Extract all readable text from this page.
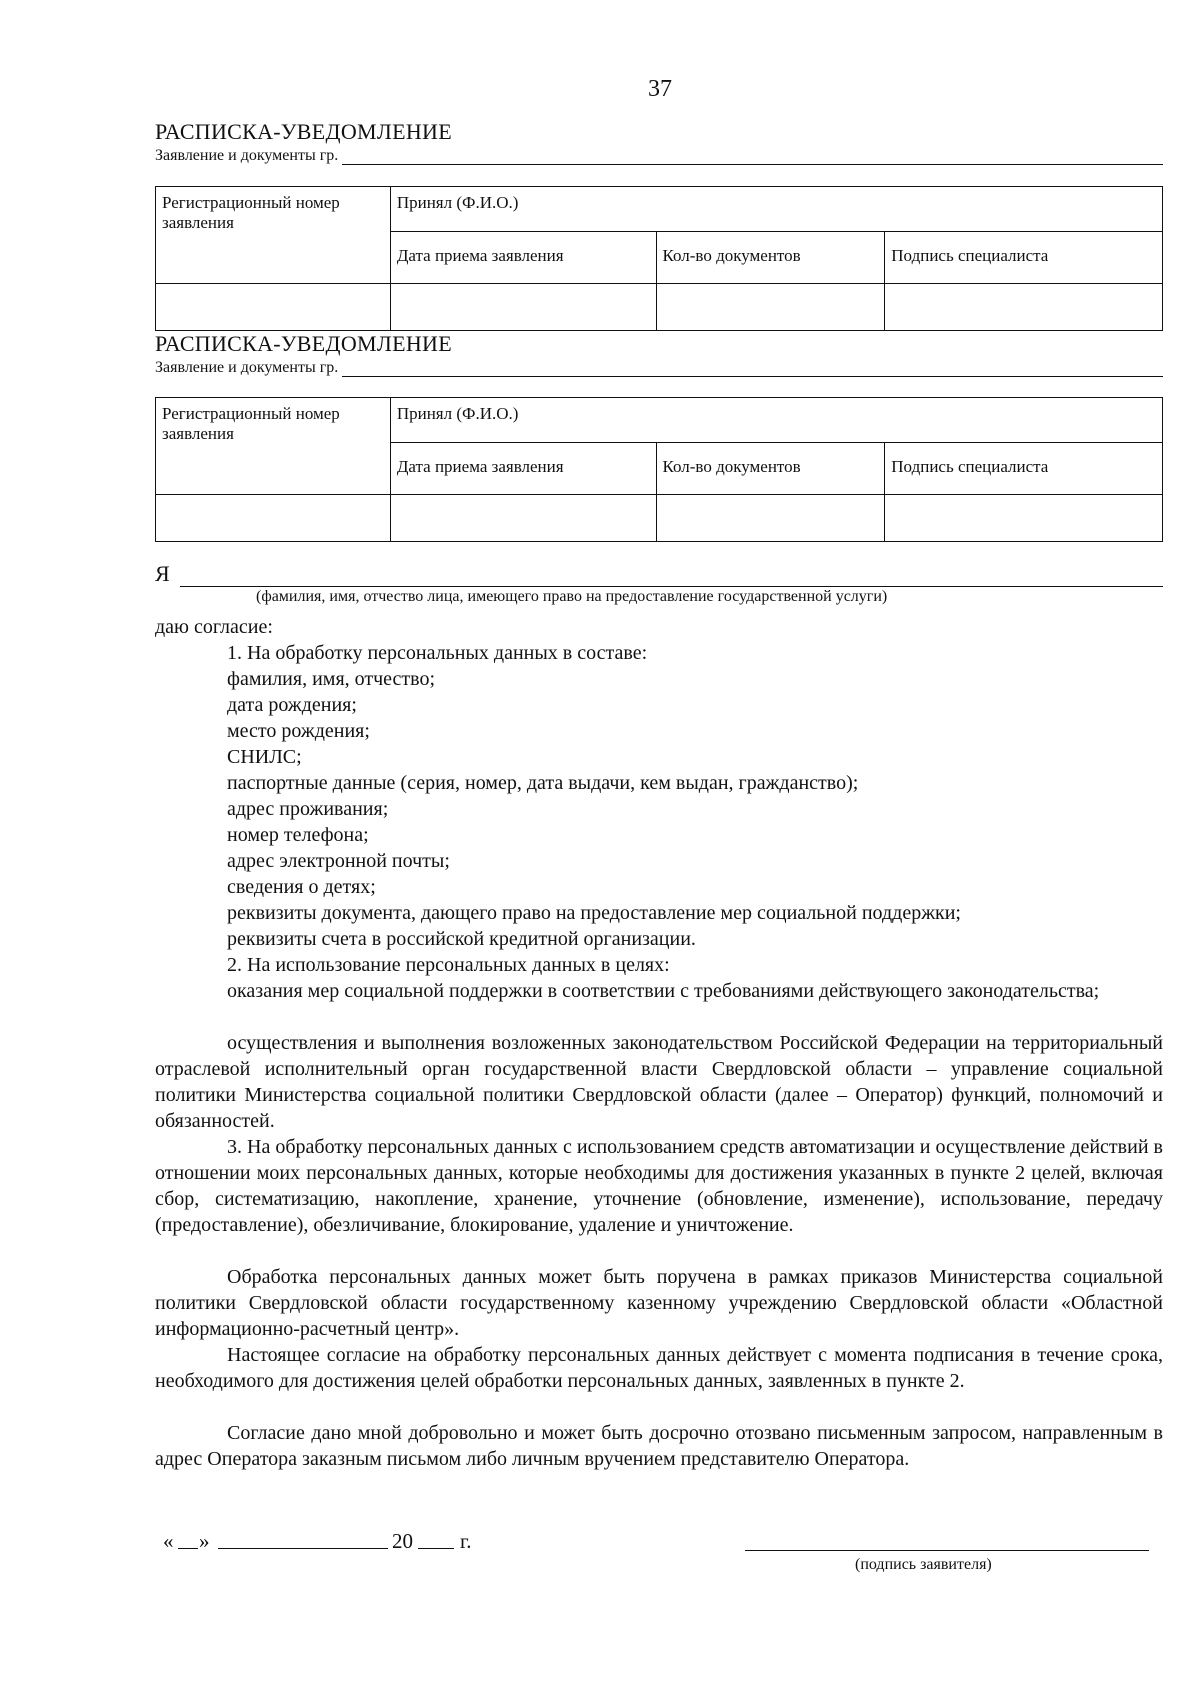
37
РАСПИСКА-УВЕДОМЛЕНИЕ
Заявление и документы гр.
Регистрационный номер заявления	Принял (Ф.И.О.)		
	Дата приема заявления	Кол-во документов	Подпись специалиста

РАСПИСКА-УВЕДОМЛЕНИЕ
Заявление и документы гр.
Регистрационный номер заявления	Принял (Ф.И.О.)		
	Дата приема заявления	Кол-во документов	Подпись специалиста

Я
(фамилия, имя, отчество лица, имеющего право на предоставление государственной услуги)
даю согласие:
1. На обработку персональных данных в составе:
фамилия, имя, отчество;
дата рождения;
место рождения;
СНИЛС;
паспортные данные (серия, номер, дата выдачи, кем выдан, гражданство);
адрес проживания;
номер телефона;
адрес электронной почты;
сведения о детях;
реквизиты документа, дающего право на предоставление мер социальной поддержки;
реквизиты счета в российской кредитной организации.
2. На использование персональных данных в целях:
оказания мер социальной поддержки в соответствии с требованиями действующего законодательства;
осуществления и выполнения возложенных законодательством Российской Федерации на территориальный отраслевой исполнительный орган государственной власти Свердловской области – управление социальной политики Министерства социальной политики Свердловской области (далее – Оператор) функций, полномочий и обязанностей.
3. На обработку персональных данных с использованием средств автоматизации и осуществление действий в отношении моих персональных данных, которые необходимы для достижения указанных в пункте 2 целей, включая сбор, систематизацию, накопление, хранение, уточнение (обновление, изменение), использование, передачу (предоставление), обезличивание, блокирование, удаление и уничтожение.
Обработка персональных данных может быть поручена в рамках приказов Министерства социальной политики Свердловской области государственному казенному учреждению Свердловской области «Областной информационно-расчетный центр».
Настоящее согласие на обработку персональных данных действует с момента подписания в течение срока, необходимого для достижения целей обработки персональных данных, заявленных в пункте 2.
Согласие дано мной добровольно и может быть досрочно отозвано письменным запросом, направленным в адрес Оператора заказным письмом либо личным вручением представителю Оператора.
« »	20 г.
(подпись заявителя)
